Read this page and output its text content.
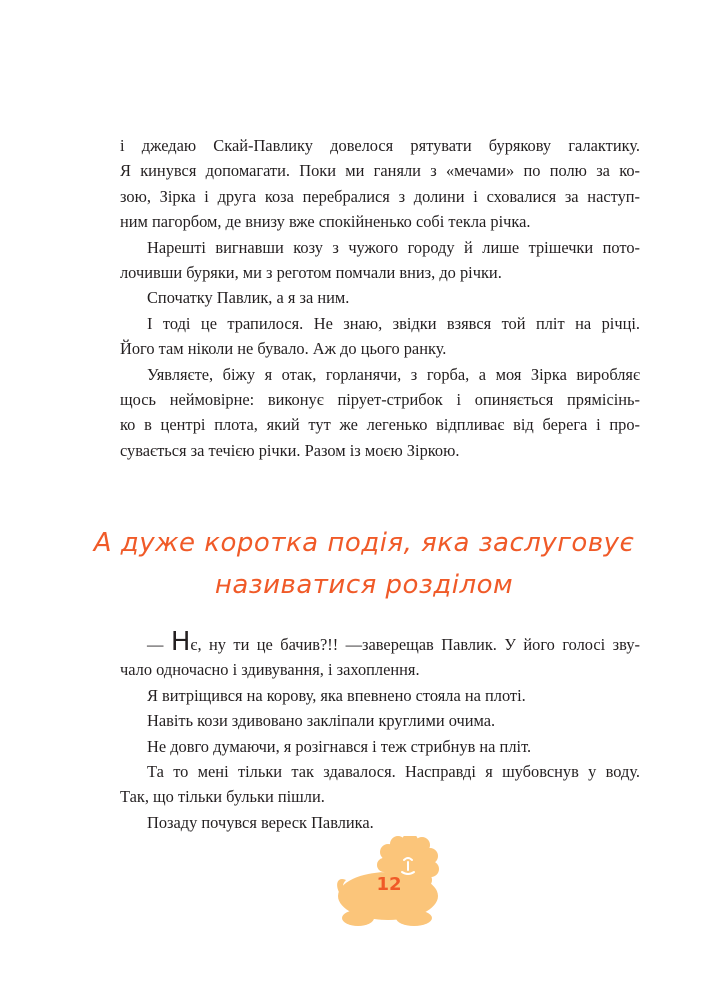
і джедаю Скай-Павлику довелося рятувати бурякову галактику.
Я кинувся допомагати. Поки ми ганяли з «мечами» по полю за ко-
зою, Зірка і друга коза перебралися з долини і сховалися за наступ-
ним пагорбом, де внизу вже спокійненько собі текла річка.

Нарешті вигнавши козу з чужого городу й лише трішечки пото-
лочивши буряки, ми з реготом помчали вниз, до річки.

Спочатку Павлик, а я за ним.

І тоді це трапилося. Не знаю, звідки взявся той пліт на річці.
Його там ніколи не бувало. Аж до цього ранку.

Уявляєте, біжу я отак, горланячи, з горба, а моя Зірка виробляє
щось неймовірне: виконує пірует-стрибок і опиняється прямісінь-
ко в центрі плота, який тут же легенько відпливає від берега і про-
сувається за течією річки. Разом із моєю Зіркою.

А дуже коротка подія, яка заслуговує
називатися розділом

— Нє, ну ти це бачив?!! —заверещав Павлик. У його голосі зву-
чало одночасно і здивування, і захоплення.

Я витріщився на корову, яка впевнено стояла на плоті.

Навіть кози здивовано закліпали круглими очима.

Не довго думаючи, я розігнався і теж стрибнув на пліт.

Та то мені тільки так здавалося. Насправді я шубовснув у воду.
Так, що тільки бульки пішли.

Позаду почувся вереск Павлика.

12
